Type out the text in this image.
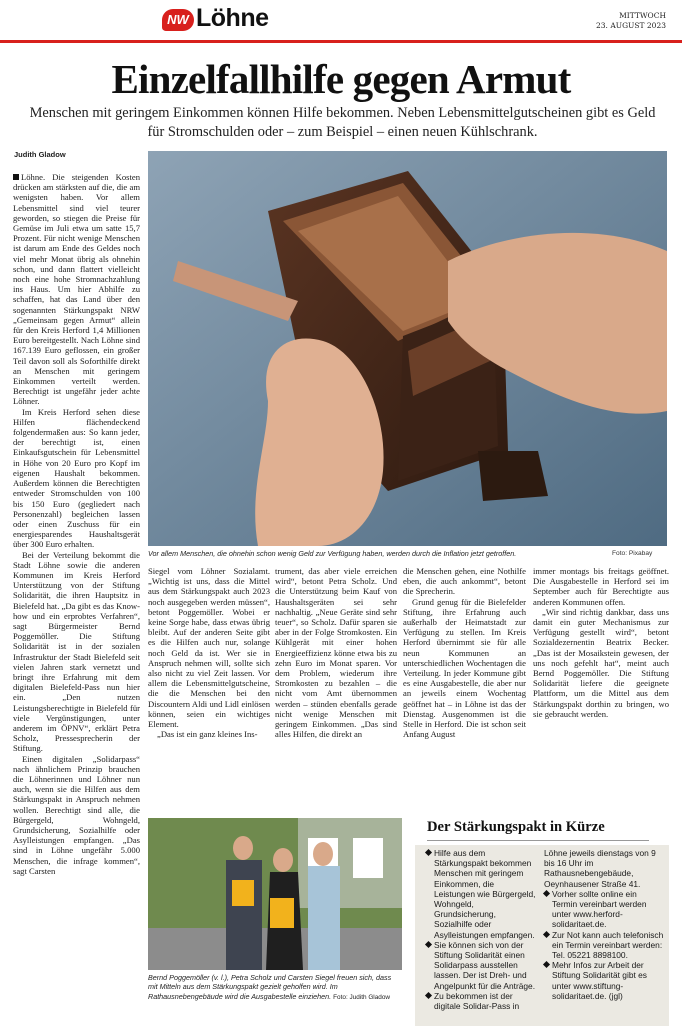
NW Löhne	MITTWOCH
23. AUGUST 2023
Einzelfallhilfe gegen Armut
Menschen mit geringem Einkommen können Hilfe bekommen. Neben Lebensmittelgutscheinen gibt es Geld für Stromschulden oder – zum Beispiel – einen neuen Kühlschrank.
Judith Gladow

Löhne. Die steigenden Kosten drücken am stärksten auf die, die am wenigsten haben. Vor allem Lebensmittel sind viel teurer geworden, so stiegen die Preise für Gemüse im Juli etwa um satte 15,7 Prozent. Für nicht wenige Menschen ist darum am Ende des Geldes noch viel mehr Monat übrig als ohnehin schon, und dann flattert vielleicht noch eine hohe Stromnachzahlung ins Haus. Um hier Abhilfe zu schaffen, hat das Land über den sogenannten Stärkungspakt NRW „Gemeinsam gegen Armut“ allein für den Kreis Herford 1,4 Millionen Euro bereitgestellt. Nach Löhne sind 167.139 Euro geflossen, ein großer Teil davon soll als Soforthilfe direkt an Menschen mit geringem Einkommen verteilt werden. Berechtigt ist ungefähr jeder achte Löhner.

Im Kreis Herford sehen diese Hilfen flächendeckend folgendermaßen aus: So kann jeder, der berechtigt ist, einen Einkaufsgutschein für Lebensmittel in Höhe von 20 Euro pro Kopf im eigenen Haushalt bekommen. Außerdem können die Berechtigten entweder Stromschulden von 100 bis 150 Euro (gegliedert nach Personenzahl) begleichen lassen oder einen Zuschuss für ein energiesparendes Haushaltsgerät über 300 Euro erhalten.

Bei der Verteilung bekommt die Stadt Löhne sowie die anderen Kommunen im Kreis Herford Unterstützung von der Stiftung Solidarität, die ihren Hauptsitz in Bielefeld hat. „Da gibt es das Know-how und ein erprobtes Verfahren“, sagt Bürgermeister Bernd Poggemöller. Die Stiftung Solidarität ist in der sozialen Infrastruktur der Stadt Bielefeld seit vielen Jahren stark vernetzt und bringt ihre Erfahrung mit dem digitalen Bielefeld-Pass nun hier ein. „Den nutzen Leistungsberechtigte in Bielefeld für viele Vergünstigungen, unter anderem im ÖPNV“, erklärt Petra Scholz, Pressesprecherin der Stiftung.

Einen digitalen „Solidarpass“ nach ähnlichem Prinzip brauchen die Löhnerinnen und Löhner nun auch, wenn sie die Hilfen aus dem Stärkungspakt in Anspruch nehmen wollen. Berechtigt sind alle, die Bürgergeld, Wohngeld, Grundsicherung, Sozialhilfe oder Asylleistungen empfangen. „Das sind in Löhne ungefähr 5.000 Menschen, die infrage kommen“, sagt Carsten

Vor allem Menschen, die ohnehin schon wenig Geld zur Verfügung haben, werden durch die Inflation jetzt getroffen.	Foto: Pixabay

Siegel vom Löhner Sozialamt. „Wichtig ist uns, dass die Mittel aus dem Stärkungspakt auch 2023 noch ausgegeben werden müssen“, betont Poggemöller. Wobei er keine Sorge habe, dass etwas übrig bleibt. Auf der anderen Seite gibt es die Hilfen auch nur, solange noch Geld da ist. Wer sie in Anspruch nehmen will, sollte sich also nicht zu viel Zeit lassen. Vor allem die Lebensmittelgutscheine, die die Menschen bei den Discountern Aldi und Lidl einlösen können, seien ein wichtiges Element.

„Das ist ein ganz kleines Ins-

trument, das aber viele erreichen wird“, betont Petra Scholz. Und die Unterstützung beim Kauf von Haushaltsgeräten sei sehr nachhaltig. „Neue Geräte sind sehr teuer“, so Scholz. Dafür sparen sie aber in der Folge Stromkosten. Ein Kühlgerät mit einer hohen Energieeffizienz könne etwa bis zu zehn Euro im Monat sparen. Vor dem Problem, wiederum ihre Stromkosten zu bezahlen – die nicht vom Amt übernommen werden – stünden ebenfalls gerade nicht wenige Menschen mit geringem Einkommen. „Das sind alles Hilfen, die direkt an

die Menschen gehen, eine Nothilfe eben, die auch ankommt“, betont die Sprecherin.

Grund genug für die Bielefelder Stiftung, ihre Erfahrung auch außerhalb der Heimatstadt zur Verfügung zu stellen. Im Kreis Herford übernimmt sie für alle neun Kommunen an unterschiedlichen Wochentagen die Verteilung. In jeder Kommune gibt es eine Ausgabestelle, die aber nur an jeweils einem Wochentag geöffnet hat – in Löhne ist das der Dienstag. Ausgenommen ist die Stelle in Herford. Die ist schon seit Anfang August

immer montags bis freitags geöffnet. Die Ausgabestelle in Herford sei im September auch für Berechtigte aus anderen Kommunen offen.

„Wir sind richtig dankbar, dass uns damit ein guter Mechanismus zur Verfügung gestellt wird“, betont Sozialdezernentin Beatrix Becker. „Das ist der Mosaikstein gewesen, der uns noch gefehlt hat“, meint auch Bernd Poggemöller. Die Stiftung Solidarität liefere die geeignete Plattform, um die Mittel aus dem Stärkungspakt dorthin zu bringen, wo sie gebraucht werden.

Bernd Poggemöller (v. l.), Petra Scholz und Carsten Siegel freuen sich, dass mit Mitteln aus dem Stärkungspakt gezielt geholfen wird. Im Rathausnebengebäude wird die Ausgabestelle einziehen. Foto: Judith Gladow
Der Stärkungspakt in Kürze

Hilfe aus dem Stärkungspakt bekommen Menschen mit geringem Einkommen, die Leistungen wie Bürgergeld, Wohngeld, Grundsicherung, Sozialhilfe oder Asylleistungen empfangen.

Sie können sich von der Stiftung Solidarität einen Solidarpass ausstellen lassen. Der ist Dreh- und Angelpunkt für die Anträge.

Zu bekommen ist der digitale Solidar-Pass in

Löhne jeweils dienstags von 9 bis 16 Uhr im Rathausnebengebäude, Oeynhausener Straße 41.

Vorher sollte online ein Termin vereinbart werden unter www.herford-solidaritaet.de.

Zur Not kann auch telefonisch ein Termin vereinbart werden: Tel. 05221 8898100.

Mehr Infos zur Arbeit der Stiftung Solidarität gibt es unter www.stiftung-solidaritaet.de. (jgl)
